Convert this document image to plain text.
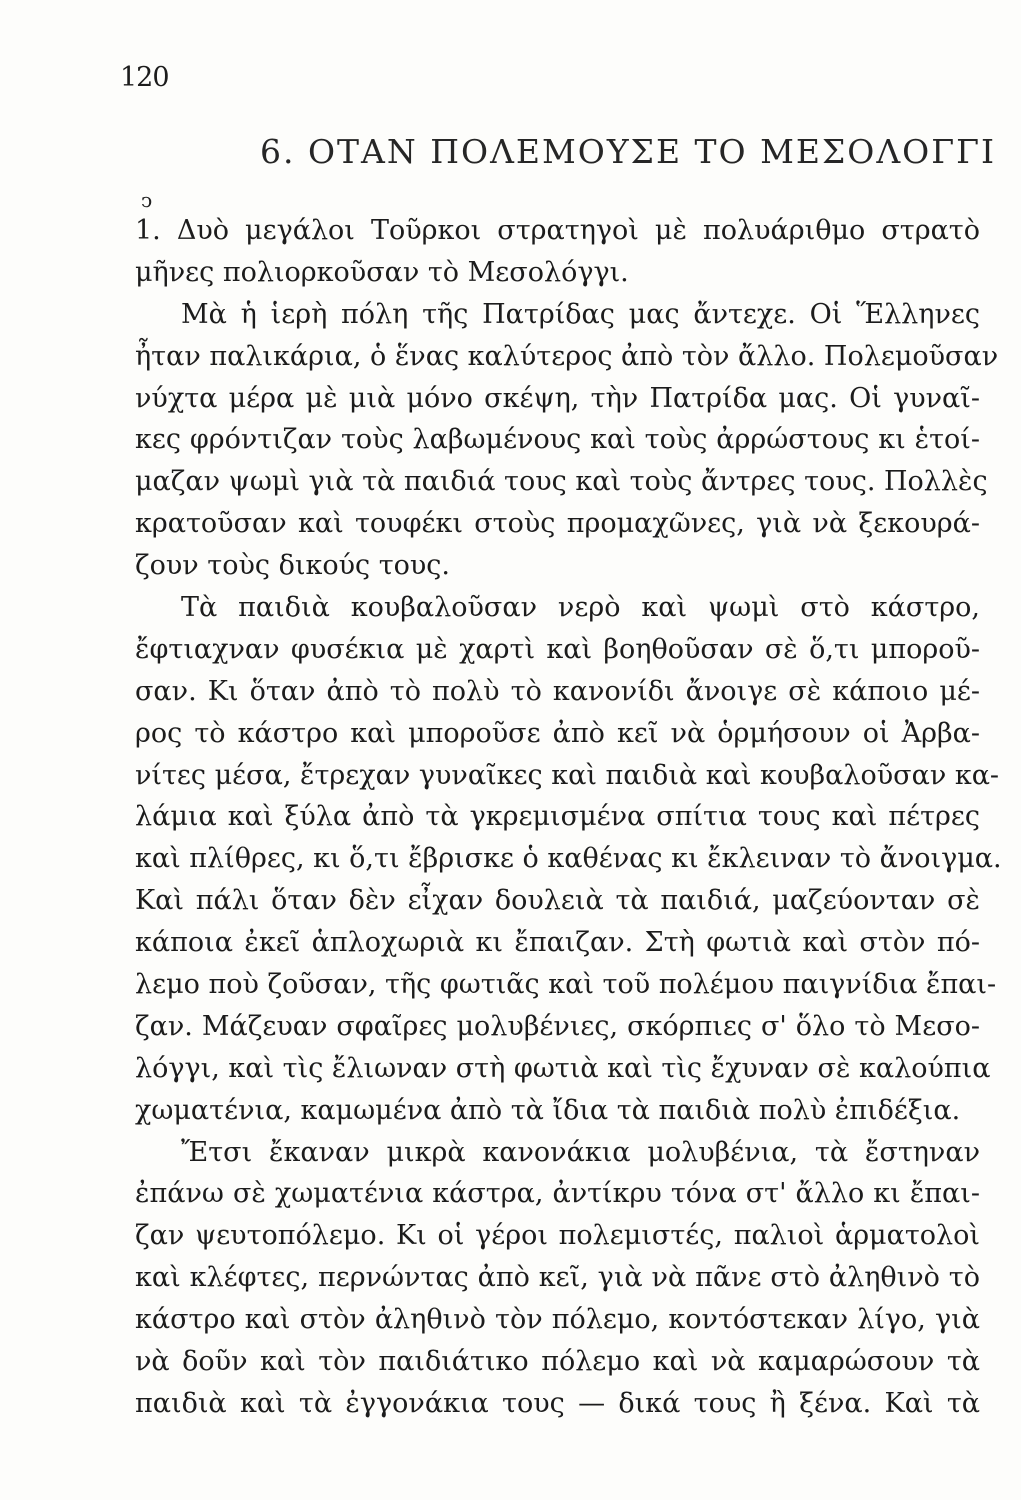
120
6. ΟΤΑΝ ΠΟΛΕΜΟΥΣΕ ΤΟ ΜΕΣΟΛΟΓΓΙ
ↄ
1. Δυὸ μεγάλοι Τοῦρκοι στρατηγοὶ μὲ πολυάριθμο στρατὸ
μῆνες πολιορκοῦσαν τὸ Μεσολόγγι.
Μὰ ἡ ἱερὴ πόλη τῆς Πατρίδας μας ἄντεχε. Οἱ Ἕλληνες
ἦταν παλικάρια, ὁ ἕνας καλύτερος ἀπὸ τὸν ἄλλο. Πολεμοῦσαν
νύχτα μέρα μὲ μιὰ μόνο σκέψη, τὴν Πατρίδα μας. Οἱ γυναῖ-
κες φρόντιζαν τοὺς λαβωμένους καὶ τοὺς ἀρρώστους κι ἑτοί-
μαζαν ψωμὶ γιὰ τὰ παιδιά τους καὶ τοὺς ἄντρες τους. Πολλὲς
κρατοῦσαν καὶ τουφέκι στοὺς προμαχῶνες, γιὰ νὰ ξεκουρά-
ζουν τοὺς δικούς τους.
Τὰ παιδιὰ κουβαλοῦσαν νερὸ καὶ ψωμὶ στὸ κάστρο,
ἔφτιαχναν φυσέκια μὲ χαρτὶ καὶ βοηθοῦσαν σὲ ὅ,τι μποροῦ-
σαν. Κι ὅταν ἀπὸ τὸ πολὺ τὸ κανονίδι ἄνοιγε σὲ κάποιο μέ-
ρος τὸ κάστρο καὶ μποροῦσε ἀπὸ κεῖ νὰ ὁρμήσουν οἱ Ἀρβα-
νίτες μέσα, ἔτρεχαν γυναῖκες καὶ παιδιὰ καὶ κουβαλοῦσαν κα-
λάμια καὶ ξύλα ἀπὸ τὰ γκρεμισμένα σπίτια τους καὶ πέτρες
καὶ πλίθρες, κι ὅ,τι ἔβρισκε ὁ καθένας κι ἔκλειναν τὸ ἄνοιγμα.
Καὶ πάλι ὅταν δὲν εἶχαν δουλειὰ τὰ παιδιά, μαζεύονταν σὲ
κάποια ἐκεῖ ἁπλοχωριὰ κι ἔπαιζαν. Στὴ φωτιὰ καὶ στὸν πό-
λεμο ποὺ ζοῦσαν, τῆς φωτιᾶς καὶ τοῦ πολέμου παιγνίδια ἔπαι-
ζαν. Μάζευαν σφαῖρες μολυβένιες, σκόρπιες σ' ὅλο τὸ Μεσο-
λόγγι, καὶ τὶς ἔλιωναν στὴ φωτιὰ καὶ τὶς ἔχυναν σὲ καλούπια
χωματένια, καμωμένα ἀπὸ τὰ ἴδια τὰ παιδιὰ πολὺ ἐπιδέξια.
Ἔτσι ἔκαναν μικρὰ κανονάκια μολυβένια, τὰ ἔστηναν
ἐπάνω σὲ χωματένια κάστρα, ἀντίκρυ τόνα στ' ἄλλο κι ἔπαι-
ζαν ψευτοπόλεμο. Κι οἱ γέροι πολεμιστές, παλιοὶ ἁρματολοὶ
καὶ κλέφτες, περνώντας ἀπὸ κεῖ, γιὰ νὰ πᾶνε στὸ ἀληθινὸ τὸ
κάστρο καὶ στὸν ἀληθινὸ τὸν πόλεμο, κοντόστεκαν λίγο, γιὰ
νὰ δοῦν καὶ τὸν παιδιάτικο πόλεμο καὶ νὰ καμαρώσουν τὰ
παιδιὰ καὶ τὰ ἐγγονάκια τους — δικά τους ἢ ξένα. Καὶ τὰ
